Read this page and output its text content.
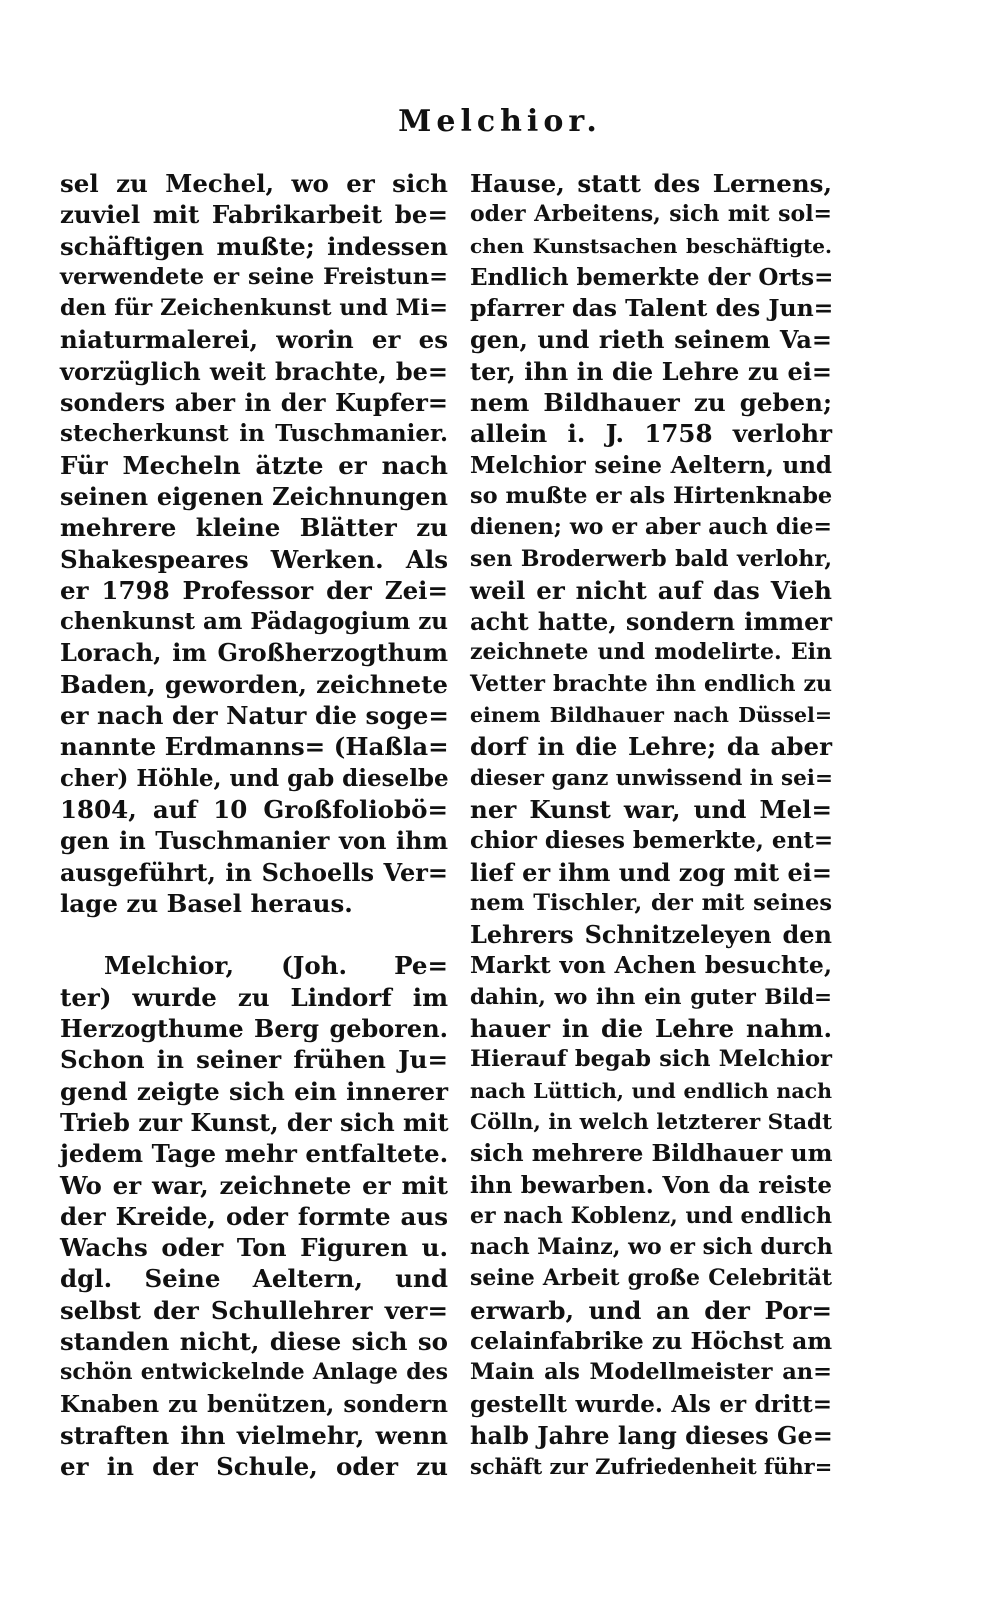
Melchior.
sel zu Mechel, wo er sich
zuviel mit Fabrikarbeit be=
schäftigen mußte; indessen
verwendete er seine Freistun=
den für Zeichenkunst und Mi=
niaturmalerei, worin er es
vorzüglich weit brachte, be=
sonders aber in der Kupfer=
stecherkunst in Tuschmanier.
Für Mecheln ätzte er nach
seinen eigenen Zeichnungen
mehrere kleine Blätter zu
Shakespeares Werken. Als
er 1798 Professor der Zei=
chenkunst am Pädagogium zu
Lorach, im Großherzogthum
Baden, geworden, zeichnete
er nach der Natur die soge=
nannte Erdmanns= (Haßla=
cher) Höhle, und gab dieselbe
1804, auf 10 Großfoliobö=
gen in Tuschmanier von ihm
ausgeführt, in Schoells Ver=
lage zu Basel heraus.
Melchior, (Joh. Pe=
ter) wurde zu Lindorf im
Herzogthume Berg geboren.
Schon in seiner frühen Ju=
gend zeigte sich ein innerer
Trieb zur Kunst, der sich mit
jedem Tage mehr entfaltete.
Wo er war, zeichnete er mit
der Kreide, oder formte aus
Wachs oder Ton Figuren u.
dgl. Seine Aeltern, und
selbst der Schullehrer ver=
standen nicht, diese sich so
schön entwickelnde Anlage des
Knaben zu benützen, sondern
straften ihn vielmehr, wenn
er in der Schule, oder zu
Hause, statt des Lernens,
oder Arbeitens, sich mit sol=
chen Kunstsachen beschäftigte.
Endlich bemerkte der Orts=
pfarrer das Talent des Jun=
gen, und rieth seinem Va=
ter, ihn in die Lehre zu ei=
nem Bildhauer zu geben;
allein i. J. 1758 verlohr
Melchior seine Aeltern, und
so mußte er als Hirtenknabe
dienen; wo er aber auch die=
sen Broderwerb bald verlohr,
weil er nicht auf das Vieh
acht hatte, sondern immer
zeichnete und modelirte. Ein
Vetter brachte ihn endlich zu
einem Bildhauer nach Düssel=
dorf in die Lehre; da aber
dieser ganz unwissend in sei=
ner Kunst war, und Mel=
chior dieses bemerkte, ent=
lief er ihm und zog mit ei=
nem Tischler, der mit seines
Lehrers Schnitzeleyen den
Markt von Achen besuchte,
dahin, wo ihn ein guter Bild=
hauer in die Lehre nahm.
Hierauf begab sich Melchior
nach Lüttich, und endlich nach
Cölln, in welch letzterer Stadt
sich mehrere Bildhauer um
ihn bewarben. Von da reiste
er nach Koblenz, und endlich
nach Mainz, wo er sich durch
seine Arbeit große Celebrität
erwarb, und an der Por=
celainfabrike zu Höchst am
Main als Modellmeister an=
gestellt wurde. Als er dritt=
halb Jahre lang dieses Ge=
schäft zur Zufriedenheit führ=
